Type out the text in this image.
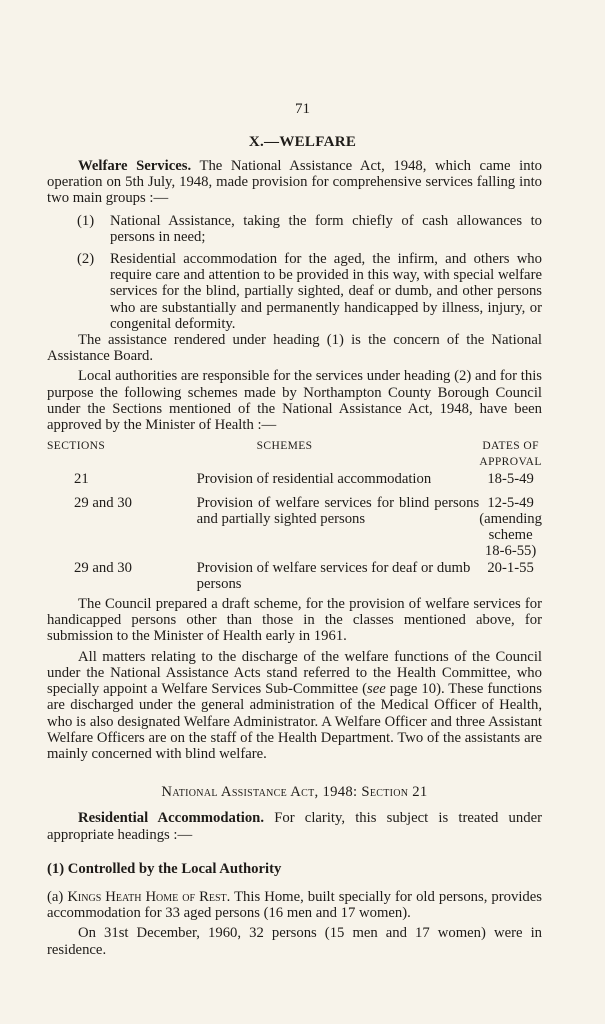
71
X.—WELFARE

Welfare Services. The National Assistance Act, 1948, which came into operation on 5th July, 1948, made provision for comprehensive services falling into two main groups :—

(1) National Assistance, taking the form chiefly of cash allowances to persons in need;
(2) Residential accommodation for the aged, the infirm, and others who require care and attention to be provided in this way, with special welfare services for the blind, partially sighted, deaf or dumb, and other persons who are substantially and permanently handicapped by illness, injury, or congenital deformity.

The assistance rendered under heading (1) is the concern of the National Assistance Board.

Local authorities are responsible for the services under heading (2) and for this purpose the following schemes made by Northampton County Borough Council under the Sections mentioned of the National Assistance Act, 1948, have been approved by the Minister of Health :—

SECTIONS	SCHEMES	DATES OF APPROVAL
21	Provision of residential accommodation	18-5-49

29 and 30	Provision of welfare services for blind persons and partially sighted persons	12-5-49
(amending scheme 18-6-55)
29 and 30	Provision of welfare services for deaf or dumb persons	20-1-55

The Council prepared a draft scheme, for the provision of welfare services for handicapped persons other than those in the classes mentioned above, for submission to the Minister of Health early in 1961.

All matters relating to the discharge of the welfare functions of the Council under the National Assistance Acts stand referred to the Health Committee, who specially appoint a Welfare Services Sub-Committee (see page 10). These functions are discharged under the general administration of the Medical Officer of Health, who is also designated Welfare Administrator. A Welfare Officer and three Assistant Welfare Officers are on the staff of the Health Department. Two of the assistants are mainly concerned with blind welfare.

National Assistance Act, 1948: Section 21

Residential Accommodation. For clarity, this subject is treated under appropriate headings :—

(1) Controlled by the Local Authority

(a) Kings Heath Home of Rest. This Home, built specially for old persons, provides accommodation for 33 aged persons (16 men and 17 women).

On 31st December, 1960, 32 persons (15 men and 17 women) were in residence.
